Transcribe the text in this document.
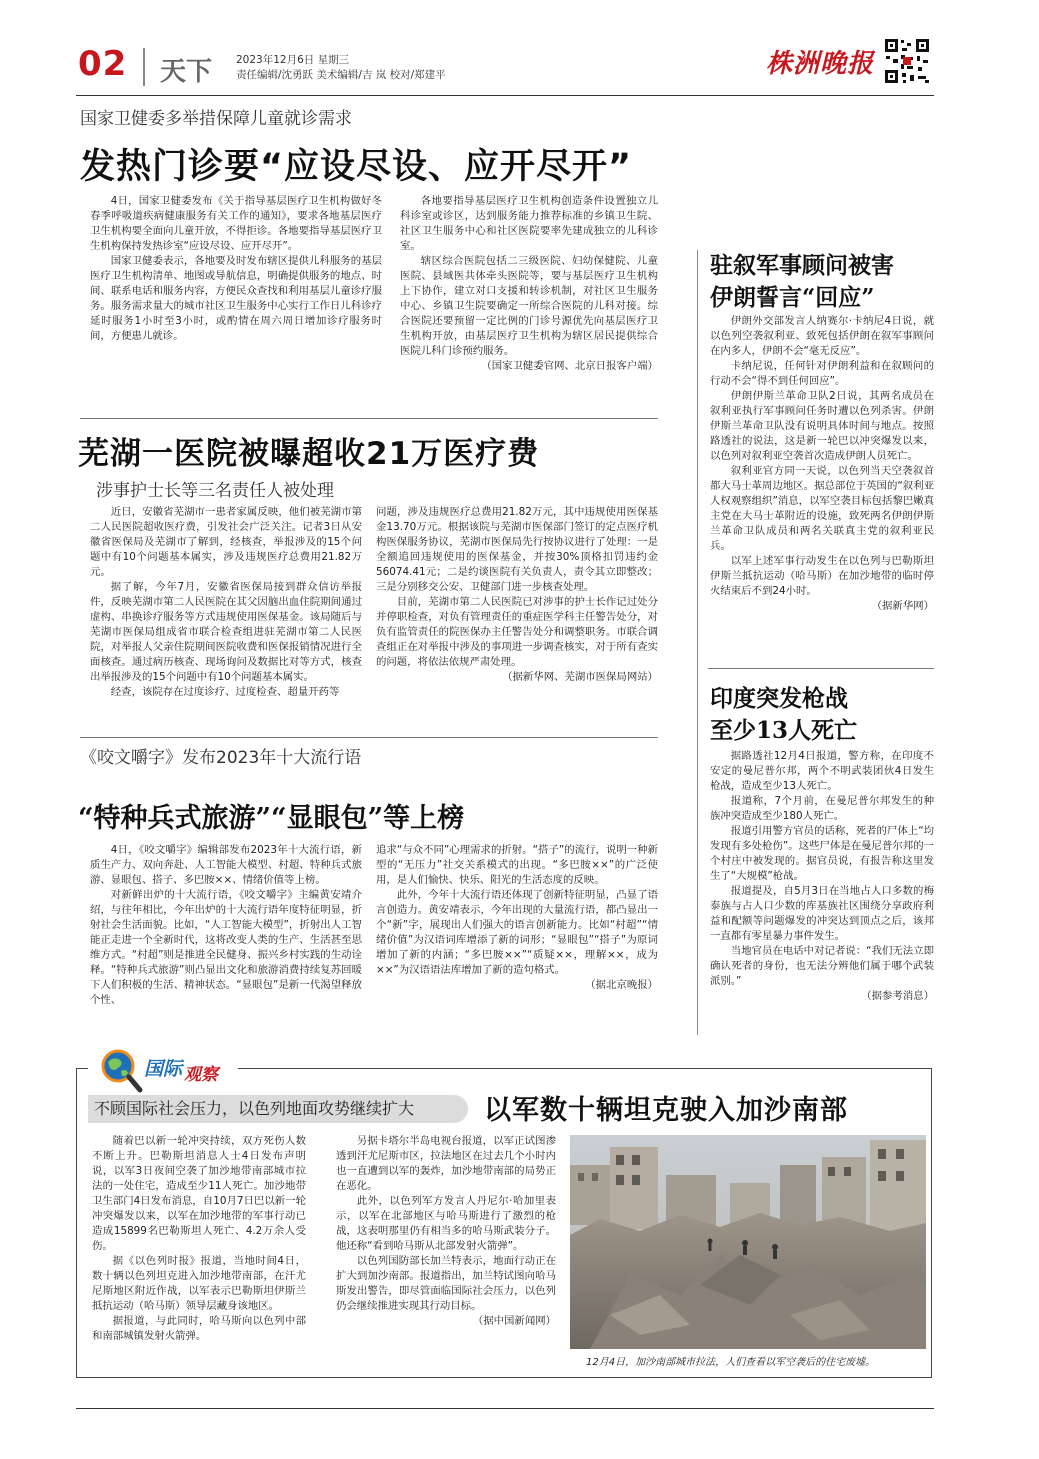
02 天下 2023年12月6日 星期三
责任编辑/沈勇跃 美术编辑/吉 岚 校对/郑建平	株洲晚报
国家卫健委多举措保障儿童就诊需求
发热门诊要“应设尽设、应开尽开”

4日，国家卫健委发布《关于指导基层医疗卫生机构做好冬春季呼吸道疾病健康服务有关工作的通知》，要求各地基层医疗卫生机构要全面向儿童开放，不得拒诊。各地要指导基层医疗卫生机构保持发热诊室“应设尽设、应开尽开”。

国家卫健委表示，各地要及时发布辖区提供儿科服务的基层医疗卫生机构清单、地图或导航信息，明确提供服务的地点、时间、联系电话和服务内容，方便民众查找和利用基层儿童诊疗服务。服务需求量大的城市社区卫生服务中心实行工作日儿科诊疗延时服务1小时至3小时，或酌情在周六周日增加诊疗服务时间，方便患儿就诊。

各地要指导基层医疗卫生机构创造条件设置独立儿科诊室或诊区，达到服务能力推荐标准的乡镇卫生院、社区卫生服务中心和社区医院要率先建成独立的儿科诊室。

辖区综合医院包括二三级医院、妇幼保健院、儿童医院、县域医共体牵头医院等，要与基层医疗卫生机构上下协作，建立对口支援和转诊机制，对社区卫生服务中心、乡镇卫生院要确定一所综合医院的儿科对接。综合医院还要预留一定比例的门诊号源优先向基层医疗卫生机构开放，由基层医疗卫生机构为辖区居民提供综合医院儿科门诊预约服务。

（国家卫健委官网、北京日报客户端）
芜湖一医院被曝超收21万医疗费
涉事护士长等三名责任人被处理

近日，安徽省芜湖市一患者家属反映，他们被芜湖市第二人民医院超收医疗费，引发社会广泛关注。记者3日从安徽省医保局及芜湖市了解到，经核查，举报涉及的15个问题中有10个问题基本属实，涉及违规医疗总费用21.82万元。

据了解，今年7月，安徽省医保局接到群众信访举报件，反映芜湖市第二人民医院在其父因脑出血住院期间通过虚构、串换诊疗服务等方式违规使用医保基金。该局随后与芜湖市医保局组成省市联合检查组进驻芜湖市第二人民医院，对举报人父亲住院期间医院收费和医保报销情况进行全面核查。通过病历核查、现场询问及数据比对等方式，核查出举报涉及的15个问题中有10个问题基本属实。

经查，该院存在过度诊疗、过度检查、超量开药等

问题，涉及违规医疗总费用21.82万元，其中违规使用医保基金13.70万元。根据该院与芜湖市医保部门签订的定点医疗机构医保服务协议，芜湖市医保局先行按协议进行了处理：一是全额追回违规使用的医保基金，并按30%顶格扣罚违约金56074.41元；二是约谈医院有关负责人，责令其立即整改；三是分别移交公安、卫健部门进一步核查处理。

目前，芜湖市第二人民医院已对涉事的护士长作记过处分并停职检查，对负有管理责任的重症医学科主任警告处分，对负有监管责任的院医保办主任警告处分和调整职务。市联合调查组正在对举报中涉及的事项进一步调查核实，对于所有查实的问题，将依法依规严肃处理。

（据新华网、芜湖市医保局网站）
《咬文嚼字》发布2023年十大流行语
“特种兵式旅游”“显眼包”等上榜

4日，《咬文嚼字》编辑部发布2023年十大流行语，新质生产力、双向奔赴、人工智能大模型、村超、特种兵式旅游、显眼包、搭子、多巴胺××、情绪价值等上榜。

对新鲜出炉的十大流行语，《咬文嚼字》主编黄安靖介绍，与往年相比，今年出炉的十大流行语年度特征明显，折射社会生活面貌。比如，“人工智能大模型”，折射出人工智能正走进一个全新时代，这将改变人类的生产、生活甚至思维方式。“村超”则是推进全民健身、振兴乡村实践的生动诠释。“特种兵式旅游”则凸显出文化和旅游消费持续复苏回暖下人们积极的生活、精神状态。“显眼包”是新一代渴望释放个性、

追求“与众不同”心理需求的折射。“搭子”的流行，说明一种新型的“无压力”社交关系模式的出现。“多巴胺××”的广泛使用，是人们愉快、快乐、阳光的生活态度的反映。

此外，今年十大流行语还体现了创新特征明显，凸显了语言创造力。黄安靖表示，今年出现的大量流行语，都凸显出一个“新”字，展现出人们强大的语言创新能力。比如“村超”“情绪价值”为汉语词库增添了新的词形；“显眼包”“搭子”为原词增加了新的内涵；“多巴胺××”“质疑××，理解××，成为××”为汉语语法库增加了新的造句格式。

（据北京晚报）
驻叙军事顾问被害
伊朗誓言“回应”

伊朗外交部发言人纳赛尔·卡纳尼4日说，就以色列空袭叙利亚、致死包括伊朗在叙军事顾问在内多人，伊朗不会“毫无反应”。

卡纳尼说，任何针对伊朗利益和在叙顾问的行动不会“得不到任何回应”。

伊朗伊斯兰革命卫队2日说，其两名成员在叙利亚执行军事顾问任务时遭以色列杀害。伊朗伊斯兰革命卫队没有说明具体时间与地点。按照路透社的说法，这是新一轮巴以冲突爆发以来，以色列对叙利亚空袭首次造成伊朗人员死亡。

叙利亚官方同一天说，以色列当天空袭叙首都大马士革周边地区。据总部位于英国的“叙利亚人权观察组织”消息，以军空袭目标包括黎巴嫩真主党在大马士革附近的设施，致死两名伊朗伊斯兰革命卫队成员和两名关联真主党的叙利亚民兵。

以军上述军事行动发生在以色列与巴勒斯坦伊斯兰抵抗运动（哈马斯）在加沙地带的临时停火结束后不到24小时。

（据新华网）
印度突发枪战
至少13人死亡

据路透社12月4日报道，警方称，在印度不安定的曼尼普尔邦，两个不明武装团伙4日发生枪战，造成至少13人死亡。

报道称，7个月前，在曼尼普尔邦发生的种族冲突造成至少180人死亡。

报道引用警方官员的话称，死者的尸体上“均发现有多处枪伤”。这些尸体是在曼尼普尔邦的一个村庄中被发现的。据官员说，有报告称这里发生了“大规模”枪战。

报道提及，自5月3日在当地占人口多数的梅泰族与占人口少数的库基族社区围绕分享政府利益和配额等问题爆发的冲突达到顶点之后，该邦一直都有零星暴力事件发生。

当地官员在电话中对记者说：“我们无法立即确认死者的身份，也无法分辨他们属于哪个武装派别。”

（据参考消息）
国际 观察
不顾国际社会压力，以色列地面攻势继续扩大	以军数十辆坦克驶入加沙南部

随着巴以新一轮冲突持续，双方死伤人数不断上升。巴勒斯坦消息人士4日发布声明说，以军3日夜间空袭了加沙地带南部城市拉法的一处住宅，造成至少11人死亡。加沙地带卫生部门4日发布消息，自10月7日巴以新一轮冲突爆发以来，以军在加沙地带的军事行动已造成15899名巴勒斯坦人死亡、4.2万余人受伤。

据《以色列时报》报道，当地时间4日，数十辆以色列坦克进入加沙地带南部，在汗尤尼斯地区附近作战，以军表示巴勒斯坦伊斯兰抵抗运动（哈马斯）领导层藏身该地区。

据报道，与此同时，哈马斯向以色列中部和南部城镇发射火箭弹。

另据卡塔尔半岛电视台报道，以军正试图渗透到汗尤尼斯市区，拉法地区在过去几个小时内也一直遭到以军的轰炸，加沙地带南部的局势正在恶化。

此外，以色列军方发言人丹尼尔·哈加里表示，以军在北部地区与哈马斯进行了激烈的枪战，这表明那里仍有相当多的哈马斯武装分子。他还称“看到哈马斯从北部发射火箭弹”。

以色列国防部长加兰特表示，地面行动正在扩大到加沙南部。报道指出，加兰特试图向哈马斯发出警告，即尽管面临国际社会压力，以色列仍会继续推进实现其行动目标。

（据中国新闻网）
12月4日，加沙南部城市拉法，人们查看以军空袭后的住宅废墟。
